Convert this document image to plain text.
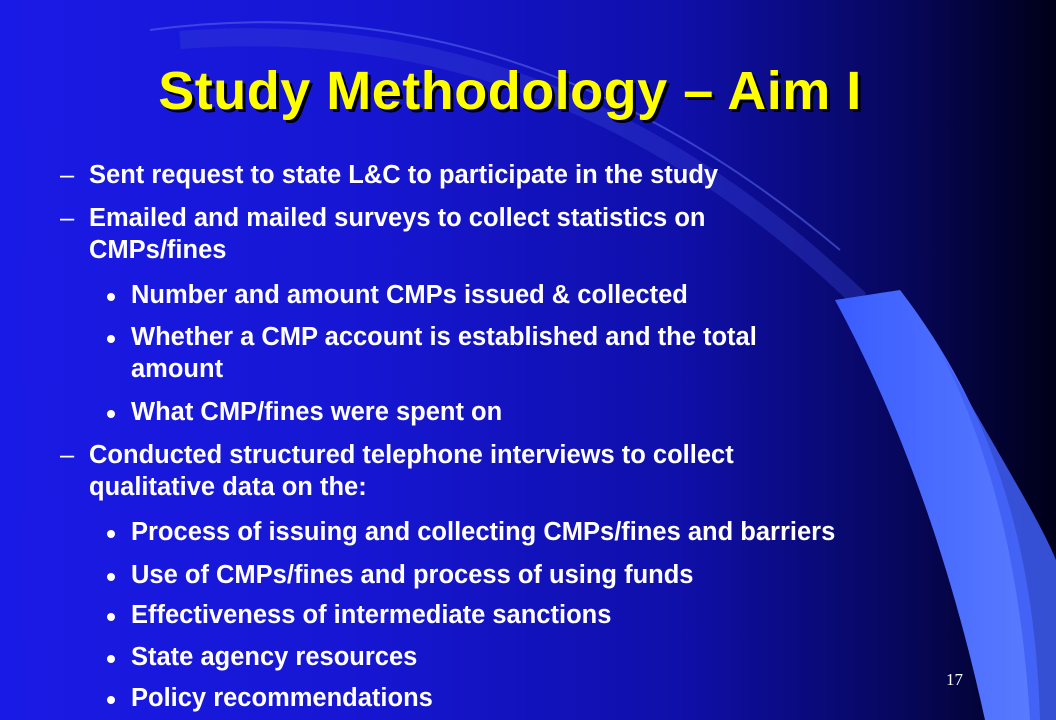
Study Methodology – Aim I
– Sent request to state L&C to participate in the study
– Emailed and mailed surveys to collect statistics on
CMPs/fines
Number and amount CMPs issued & collected
Whether a CMP account is established and the total
amount
What CMP/fines were spent on
– Conducted structured telephone interviews to collect
qualitative data on the:
Process of issuing and collecting CMPs/fines and barriers
Use of CMPs/fines and process of using funds
Effectiveness of intermediate sanctions
State agency resources
Policy recommendations
17
